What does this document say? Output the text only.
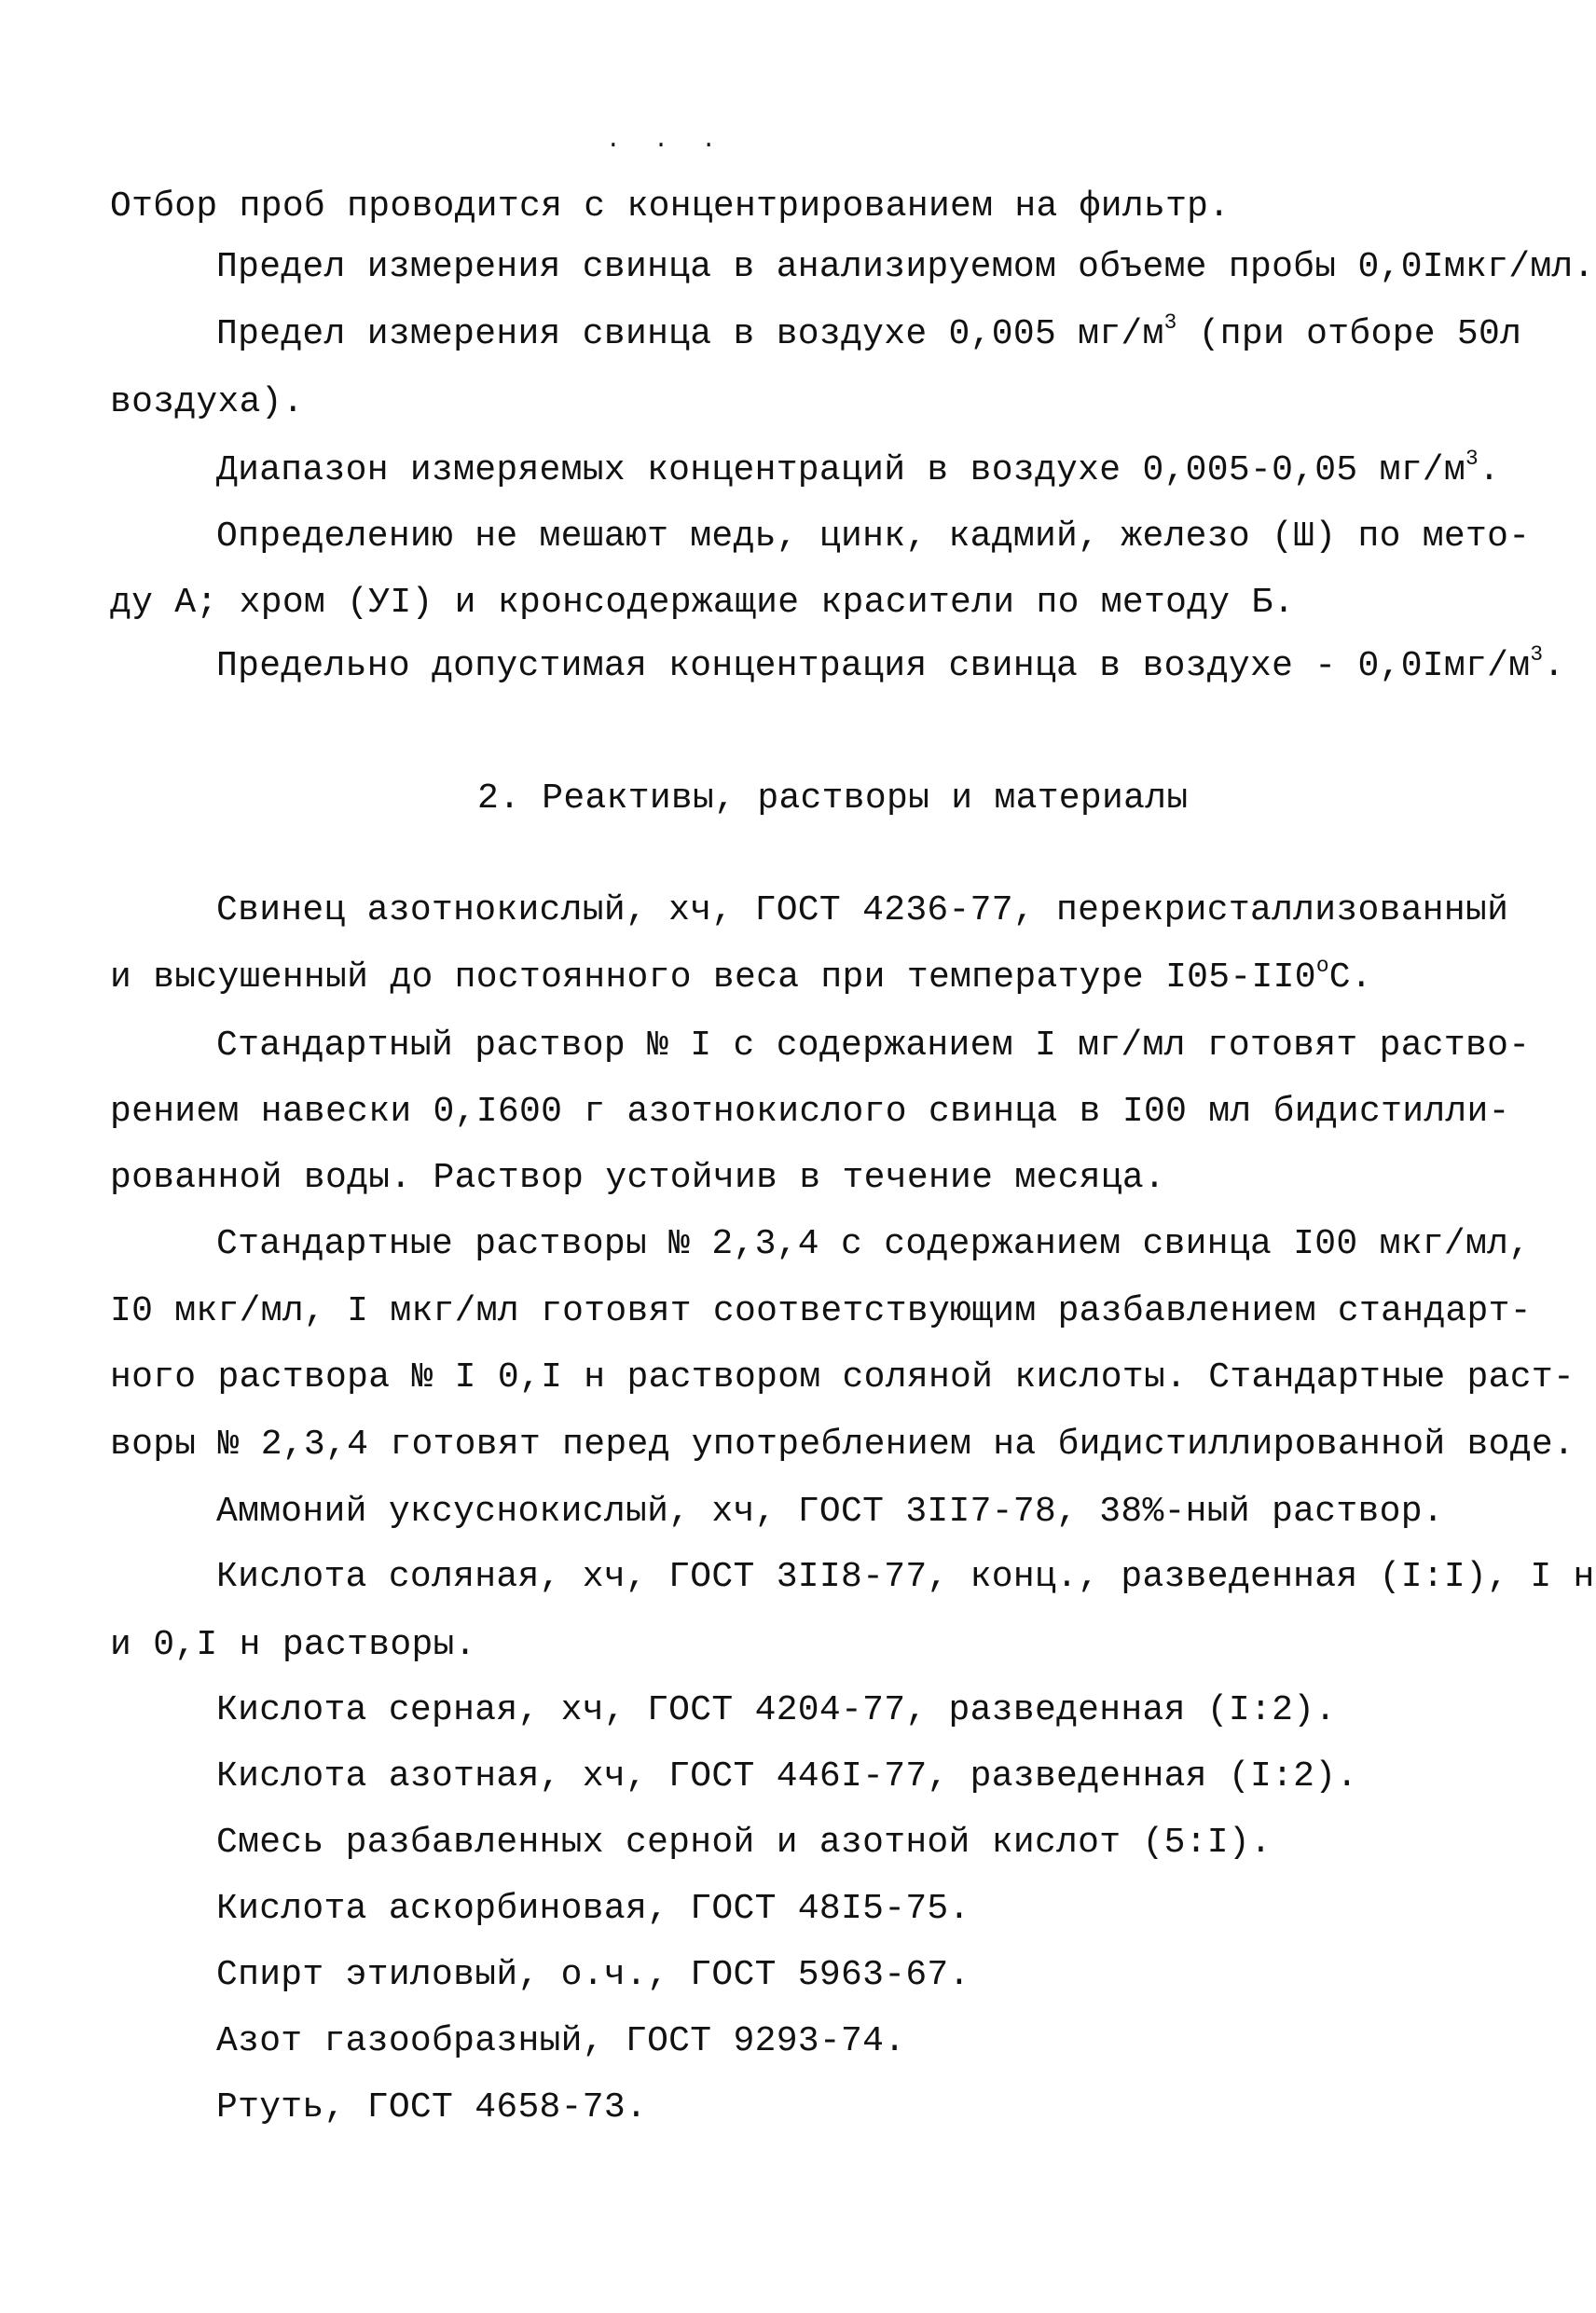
. . .
Отбор проб проводится с концентрированием на фильтр.
Предел измерения свинца в анализируемом объеме пробы 0,0Iмкг/мл.
Предел измерения свинца в воздухе 0,005 $мг/м^3$ (при отборе 50л
воздуха).
Диапазон измеряемых концентраций в воздухе 0,005-0,05 $мг/м^3$.
Определению не мешают медь, цинк, кадмий, железо (Ш) по мето-
ду А; хром (УI) и кронсодержащие красители по методу Б.
Предельно допустимая концентрация свинца в воздухе - $0,0Iмг/м^3$.
2. Реактивы, растворы и материалы
Свинец азотнокислый, хч, ГОСТ 4236-77, перекристаллизованный
и высушенный до постоянного веса при температуре $I05-II0^оС$.
Стандартный раствор № I с содержанием I мг/мл готовят раство-
рением навески 0,I600 г азотнокислого свинца в I00 мл бидистилли-
рованной воды. Раствор устойчив в течение месяца.
Стандартные растворы № 2,3,4 с содержанием свинца I00 мкг/мл,
I0 мкг/мл, I мкг/мл готовят соответствующим разбавлением стандарт-
ного раствора № I 0,I н раствором соляной кислоты. Стандартные раст-
воры № 2,3,4 готовят перед употреблением на бидистиллированной воде.
Аммоний уксуснокислый, хч, ГОСТ 3II7-78, 38%-ный раствор.
Кислота соляная, хч, ГОСТ 3II8-77, конц., разведенная (I:I), I н
и 0,I н растворы.
Кислота серная, хч, ГОСТ 4204-77, разведенная (I:2).
Кислота азотная, хч, ГОСТ 446I-77, разведенная (I:2).
Смесь разбавленных серной и азотной кислот (5:I).
Кислота аскорбиновая, ГОСТ 48I5-75.
Спирт этиловый, о.ч., ГОСТ 5963-67.
Азот газообразный, ГОСТ 9293-74.
Ртуть, ГОСТ 4658-73.
